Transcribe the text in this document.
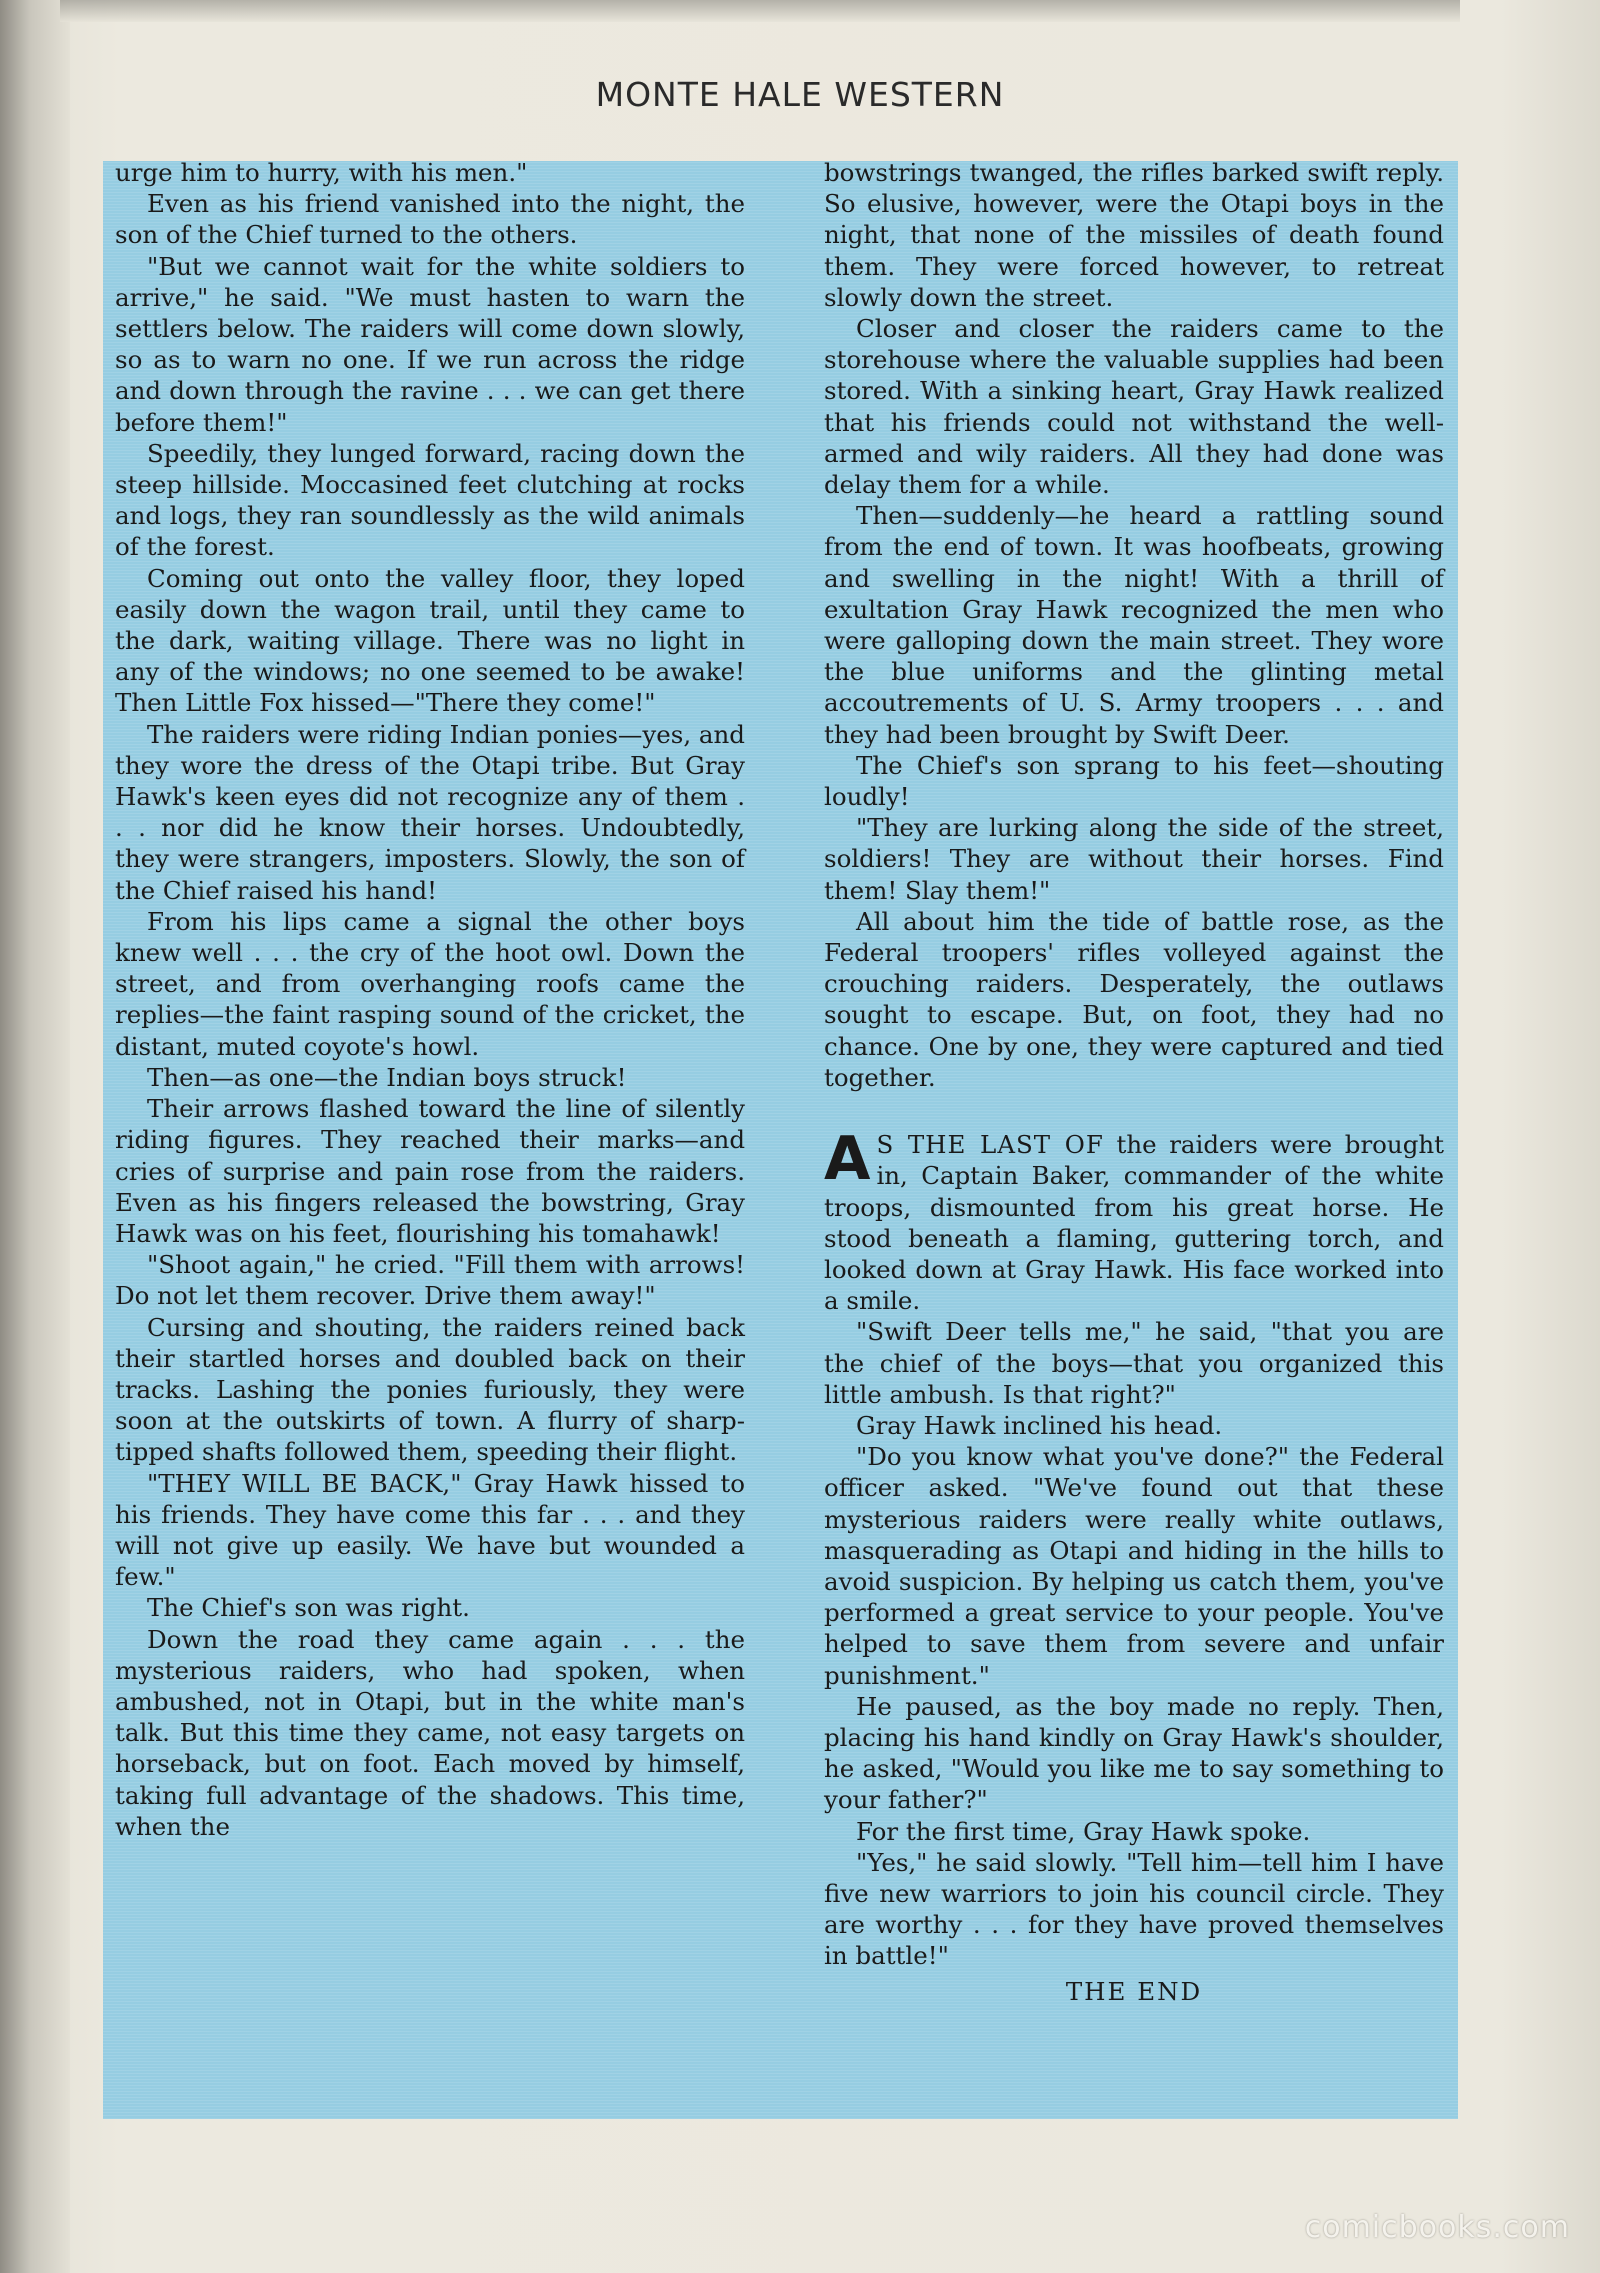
MONTE HALE WESTERN

urge him to hurry, with his men."

Even as his friend vanished into the night, the son of the Chief turned to the others.

"But we cannot wait for the white soldiers to arrive," he said. "We must hasten to warn the settlers below. The raiders will come down slowly, so as to warn no one. If we run across the ridge and down through the ravine . . . we can get there before them!"

Speedily, they lunged forward, racing down the steep hillside. Moccasined feet clutching at rocks and logs, they ran soundlessly as the wild animals of the forest.

Coming out onto the valley floor, they loped easily down the wagon trail, until they came to the dark, waiting village. There was no light in any of the windows; no one seemed to be awake! Then Little Fox hissed—"There they come!"

The raiders were riding Indian ponies—yes, and they wore the dress of the Otapi tribe. But Gray Hawk's keen eyes did not recognize any of them . . . nor did he know their horses. Undoubtedly, they were strangers, imposters. Slowly, the son of the Chief raised his hand!

From his lips came a signal the other boys knew well . . . the cry of the hoot owl. Down the street, and from overhanging roofs came the replies—the faint rasping sound of the cricket, the distant, muted coyote's howl.

Then—as one—the Indian boys struck!

Their arrows flashed toward the line of silently riding figures. They reached their marks—and cries of surprise and pain rose from the raiders. Even as his fingers released the bowstring, Gray Hawk was on his feet, flourishing his tomahawk!

"Shoot again," he cried. "Fill them with arrows! Do not let them recover. Drive them away!"

Cursing and shouting, the raiders reined back their startled horses and doubled back on their tracks. Lashing the ponies furiously, they were soon at the outskirts of town. A flurry of sharp-tipped shafts followed them, speeding their flight.

"THEY WILL BE BACK," Gray Hawk hissed to his friends. They have come this far . . . and they will not give up easily. We have but wounded a few."

The Chief's son was right.

Down the road they came again . . . the mysterious raiders, who had spoken, when ambushed, not in Otapi, but in the white man's talk. But this time they came, not easy targets on horseback, but on foot. Each moved by himself, taking full advantage of the shadows. This time, when the

bowstrings twanged, the rifles barked swift reply. So elusive, however, were the Otapi boys in the night, that none of the missiles of death found them. They were forced however, to retreat slowly down the street.

Closer and closer the raiders came to the storehouse where the valuable supplies had been stored. With a sinking heart, Gray Hawk realized that his friends could not withstand the well-armed and wily raiders. All they had done was delay them for a while.

Then—suddenly—he heard a rattling sound from the end of town. It was hoofbeats, growing and swelling in the night! With a thrill of exultation Gray Hawk recognized the men who were galloping down the main street. They wore the blue uniforms and the glinting metal accoutrements of U. S. Army troopers . . . and they had been brought by Swift Deer.

The Chief's son sprang to his feet—shouting loudly!

"They are lurking along the side of the street, soldiers! They are without their horses. Find them! Slay them!"

All about him the tide of battle rose, as the Federal troopers' rifles volleyed against the crouching raiders. Desperately, the outlaws sought to escape. But, on foot, they had no chance. One by one, they were captured and tied together.

A S THE LAST OF the raiders were brought in, Captain Baker, commander of the white troops, dismounted from his great horse. He stood beneath a flaming, guttering torch, and looked down at Gray Hawk. His face worked into a smile.

"Swift Deer tells me," he said, "that you are the chief of the boys—that you organized this little ambush. Is that right?"

Gray Hawk inclined his head.

"Do you know what you've done?" the Federal officer asked. "We've found out that these mysterious raiders were really white outlaws, masquerading as Otapi and hiding in the hills to avoid suspicion. By helping us catch them, you've performed a great service to your people. You've helped to save them from severe and unfair punishment."

He paused, as the boy made no reply. Then, placing his hand kindly on Gray Hawk's shoulder, he asked, "Would you like me to say something to your father?"

For the first time, Gray Hawk spoke.

"Yes," he said slowly. "Tell him—tell him I have five new warriors to join his council circle. They are worthy . . . for they have proved themselves in battle!"

THE END
comicbooks.com
